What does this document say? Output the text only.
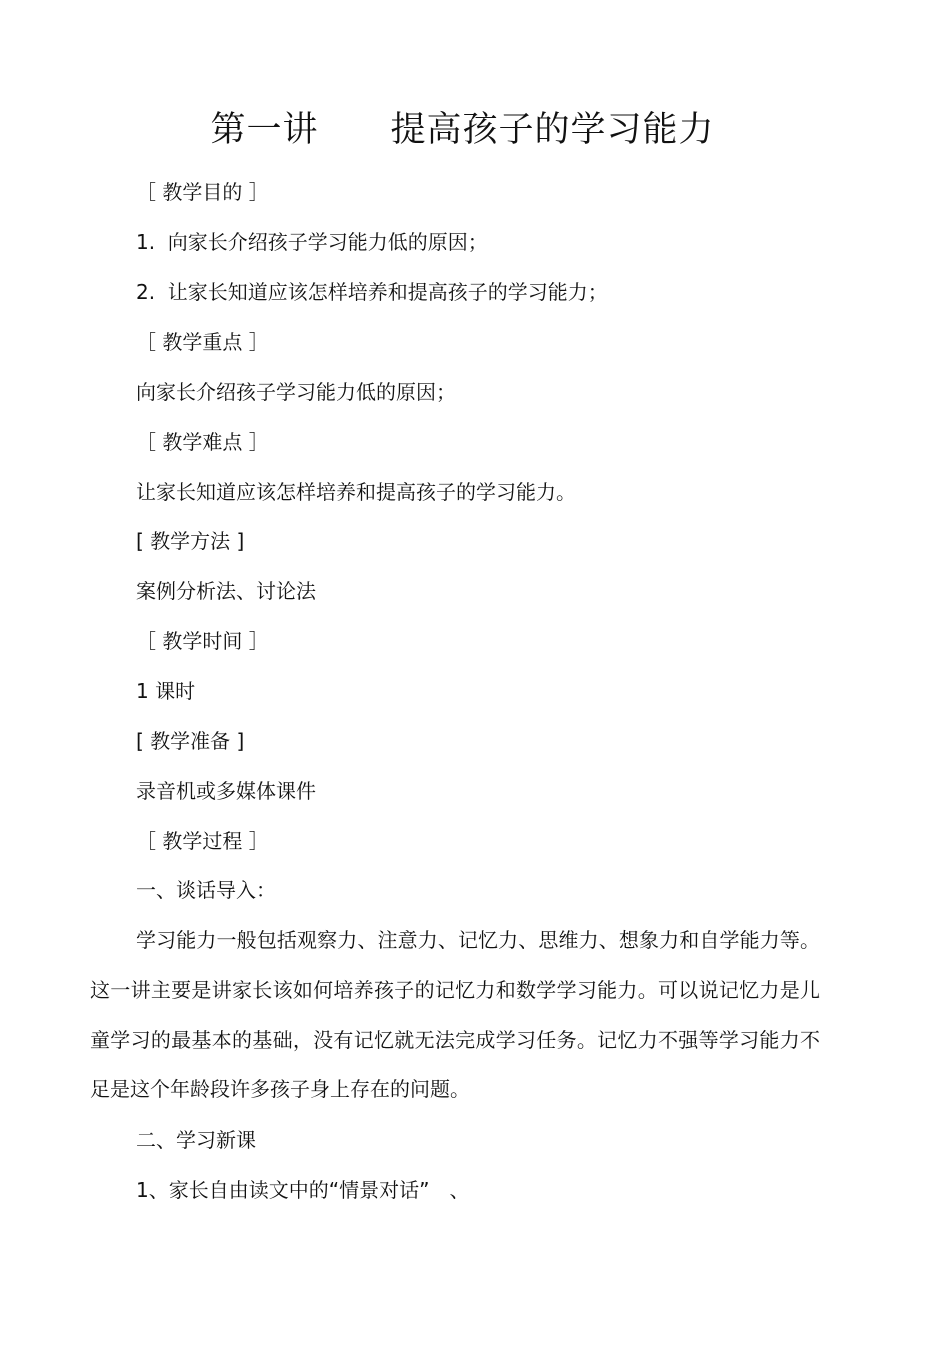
第一讲　　提高孩子的学习能力
［ 教学目的 ］
1.  向家长介绍孩子学习能力低的原因；
2.  让家长知道应该怎样培养和提高孩子的学习能力；
［ 教学重点 ］
向家长介绍孩子学习能力低的原因；
［ 教学难点 ］
让家长知道应该怎样培养和提高孩子的学习能力。
[ 教学方法 ]
案例分析法、讨论法
［ 教学时间 ］
1 课时
[ 教学准备 ]
录音机或多媒体课件
［ 教学过程 ］
一、谈话导入：
学习能力一般包括观察力、注意力、记忆力、思维力、想象力和自学能力等。这一讲主要是讲家长该如何培养孩子的记忆力和数学学习能力。可以说记忆力是儿童学习的最基本的基础，没有记忆就无法完成学习任务。记忆力不强等学习能力不足是这个年龄段许多孩子身上存在的问题。
二、学习新课
1、家长自由读文中的“情景对话”　、
